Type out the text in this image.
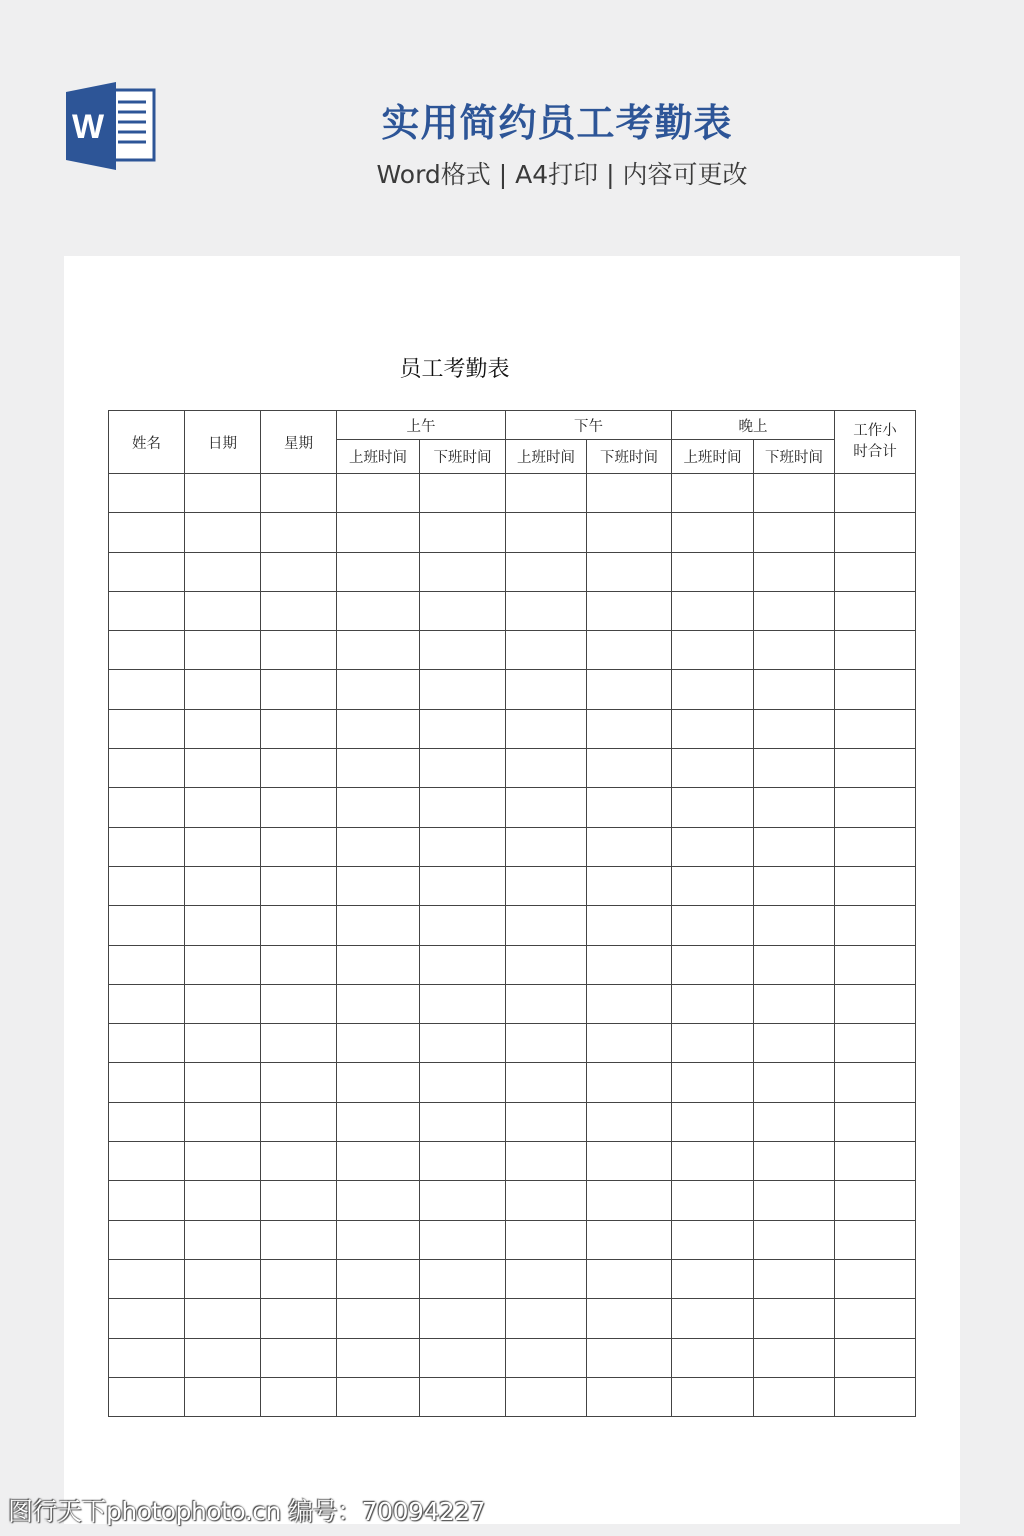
W	实用简约员工考勤表
Word格式 | A4打印 | 内容可更改
员工考勤表
姓名	日期	星期	上午		下午		晚上		工作小
时合计
			上班时间	下班时间	上班时间	下班时间	上班时间	下班时间	

图行天下photophoto.cn 编号：70094227
